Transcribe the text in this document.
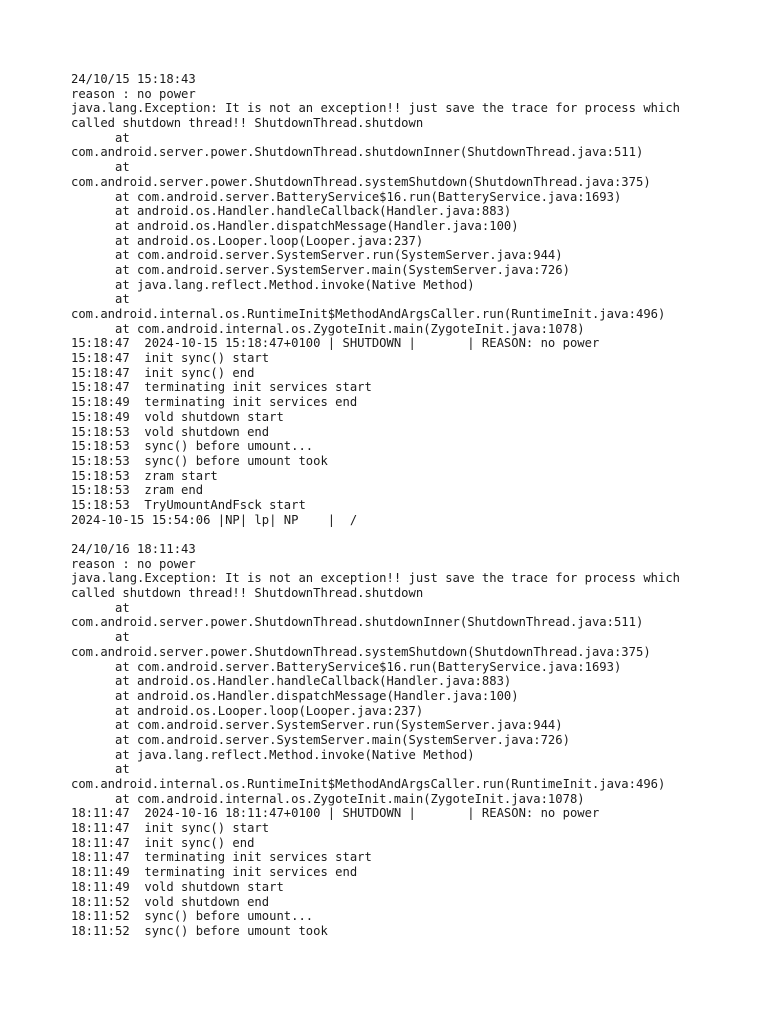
24/10/15 15:18:43
reason : no power
java.lang.Exception: It is not an exception!! just save the trace for process which
called shutdown thread!! ShutdownThread.shutdown
at
com.android.server.power.ShutdownThread.shutdownInner(ShutdownThread.java:511)
at
com.android.server.power.ShutdownThread.systemShutdown(ShutdownThread.java:375)
at com.android.server.BatteryService$16.run(BatteryService.java:1693)
at android.os.Handler.handleCallback(Handler.java:883)
at android.os.Handler.dispatchMessage(Handler.java:100)
at android.os.Looper.loop(Looper.java:237)
at com.android.server.SystemServer.run(SystemServer.java:944)
at com.android.server.SystemServer.main(SystemServer.java:726)
at java.lang.reflect.Method.invoke(Native Method)
at
com.android.internal.os.RuntimeInit$MethodAndArgsCaller.run(RuntimeInit.java:496)
at com.android.internal.os.ZygoteInit.main(ZygoteInit.java:1078)
15:18:47  2024-10-15 15:18:47+0100 | SHUTDOWN |       | REASON: no power
15:18:47  init sync() start
15:18:47  init sync() end
15:18:47  terminating init services start
15:18:49  terminating init services end
15:18:49  vold shutdown start
15:18:53  vold shutdown end
15:18:53  sync() before umount...
15:18:53  sync() before umount took
15:18:53  zram start
15:18:53  zram end
15:18:53  TryUmountAndFsck start
2024-10-15 15:54:06 |NP| lp| NP    |  /
24/10/16 18:11:43
reason : no power
java.lang.Exception: It is not an exception!! just save the trace for process which
called shutdown thread!! ShutdownThread.shutdown
at
com.android.server.power.ShutdownThread.shutdownInner(ShutdownThread.java:511)
at
com.android.server.power.ShutdownThread.systemShutdown(ShutdownThread.java:375)
at com.android.server.BatteryService$16.run(BatteryService.java:1693)
at android.os.Handler.handleCallback(Handler.java:883)
at android.os.Handler.dispatchMessage(Handler.java:100)
at android.os.Looper.loop(Looper.java:237)
at com.android.server.SystemServer.run(SystemServer.java:944)
at com.android.server.SystemServer.main(SystemServer.java:726)
at java.lang.reflect.Method.invoke(Native Method)
at
com.android.internal.os.RuntimeInit$MethodAndArgsCaller.run(RuntimeInit.java:496)
at com.android.internal.os.ZygoteInit.main(ZygoteInit.java:1078)
18:11:47  2024-10-16 18:11:47+0100 | SHUTDOWN |       | REASON: no power
18:11:47  init sync() start
18:11:47  init sync() end
18:11:47  terminating init services start
18:11:49  terminating init services end
18:11:49  vold shutdown start
18:11:52  vold shutdown end
18:11:52  sync() before umount...
18:11:52  sync() before umount took
